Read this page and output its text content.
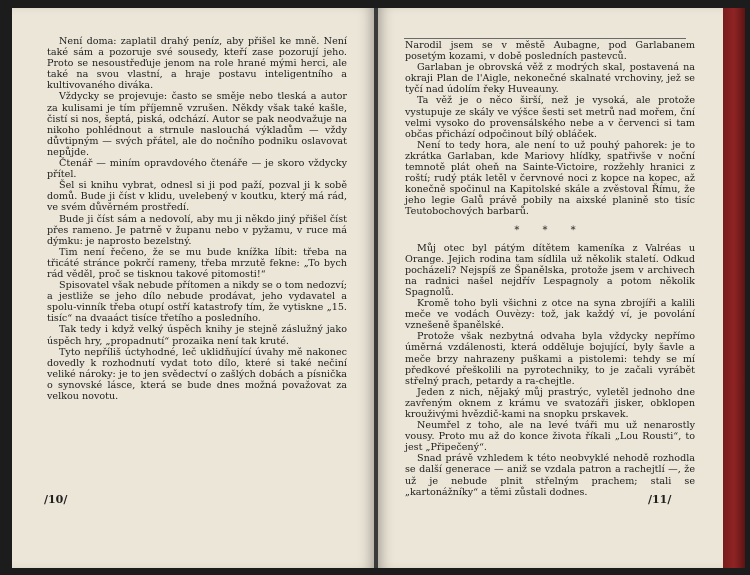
Není doma: zaplatil drahý peníz, aby přišel ke mně. Není také sám a pozoruje své sousedy, kteří zase pozorují jeho. Proto se nesoustřeďuje jenom na role hrané mými herci, ale také na svou vlastní, a hraje postavu inteligentního a kultivovaného diváka.

Vždycky se projevuje: často se směje nebo tleská a autor za kulisami je tím příjemně vzrušen. Někdy však také kašle, čistí si nos, šeptá, piská, odchází. Autor se pak neodvažuje na nikoho pohlédnout a strnule naslouchá výkladům — vždy důvtipným — svých přátel, ale do nočního podniku oslavovat nepůjde.

Čtenář — miním opravdového čtenáře — je skoro vždycky přítel.

Šel si knihu vybrat, odnesl si ji pod paží, pozval ji k sobě domů. Bude ji číst v klidu, uvelebený v koutku, který má rád, ve svém důvěrném prostředí.

Bude ji číst sám a nedovolí, aby mu ji někdo jiný přišel číst přes rameno. Je patrně v županu nebo v pyžamu, v ruce má dýmku: je naprosto bezelstný.

Tim není řečeno, že se mu bude knížka líbit: třeba na třicáté stránce pokrčí rameny, třeba mrzutě fekne: „To bych rád věděl, proč se tisknou takové pitomosti!“

Spisovatel však nebude přítomen a nikdy se o tom nedozví; a jestliže se jeho dílo nebude prodávat, jeho vydavatel a spolu-vinník třeba otupí ostří katastrofy tím, že vytiskne „15. tisíc“ na dvaaáct tisíce třetího a posledního.

Tak tedy i když velký úspěch knihy je stejně záslužný jako úspěch hry, „propadnutí“ prozaika není tak kruté.

Tyto nepříliš úctyhodné, leč uklidňující úvahy mě nakonec dovedly k rozhodnutí vydat toto dílo, které si také nečiní veliké nároky: je to jen svědectví o zašlých dobách a písnička o synovské lásce, která se bude dnes možná považovat za velkou novotu.

/10/

Narodil jsem se v městě Aubagne, pod Garlabanem posetým kozami, v době posledních pastevců.

Garlaban je obrovská věž z modrých skal, postavená na okraji Plan de l'Aigle, nekonečné skalnaté vrchoviny, jež se tyčí nad údolím řeky Huveauny.

Ta věž je o něco širší, než je vysoká, ale protože vystupuje ze skály ve výšce šesti set metrů nad mořem, ční velmi vysoko do provensálského nebe a v červenci si tam občas přichází odpočinout bílý obláček.

Není to tedy hora, ale není to už pouhý pahorek: je to zkrátka Garlaban, kde Mariovy hlídky, spatřivše v noční temnotě plát oheň na Sainte-Victoire, rozžehly hranici z roští; rudý pták letěl v červnové noci z kopce na kopec, až konečně spočinul na Kapitolské skále a zvěstoval Římu, že jeho legie Galů právě pobily na aixské planině sto tisíc Teutobochových barbarů.

* * *

Můj otec byl pátým dítětem kameníka z Valréas u Orange. Jejich rodina tam sídlila už několik staletí. Odkud pocházeli? Nejspíš ze Španělska, protože jsem v archivech na radnici našel nejdřív Lespagnoly a potom několik Spagnolů.

Kromě toho byli všichni z otce na syna zbrojíři a kalili meče ve vodách Ouvèzy: tož, jak každý ví, je povolání vznešeně španělské.

Protože však nezbytná odvaha byla vždycky nepřímo úměrná vzdálenosti, která odděluje bojující, byly šavle a meče brzy nahrazeny puškami a pistolemi: tehdy se mí předkové přeškolili na pyrotechniky, to je začali vyrábět střelný prach, petardy a ra-chejtle.

Jeden z nich, nějaký můj prastrýc, vyletěl jednoho dne zavřeným oknem z krámu ve svatozáři jisker, obklopen krouživými hvězdič-kami na snopku prskavek.

Neumřel z toho, ale na levé tváři mu už nenarostly vousy. Proto mu až do konce života říkali „Lou Rousti“, to jest „Připečený“.

Snad právě vzhledem k této neobvyklé nehodě rozhodla se další generace — aniž se vzdala patron a rachejtlí —, že už je nebude plnit střelným prachem; stali se „kartonážníky“ a těmi zůstali dodnes.

/11/
